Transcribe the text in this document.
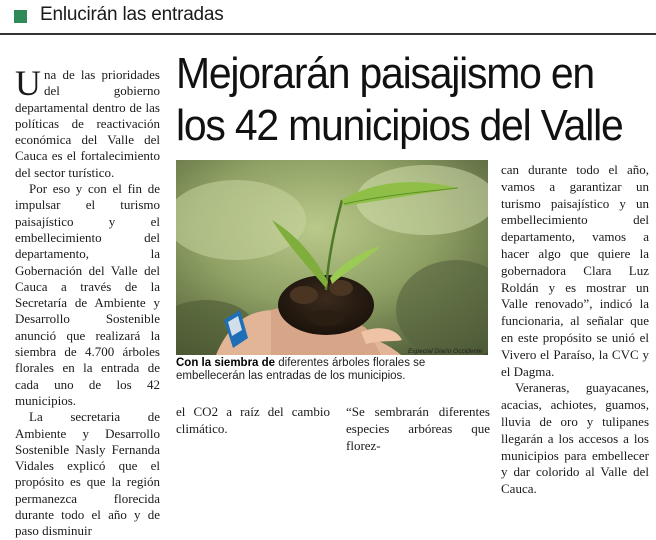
Enlucirán las entradas

Una de las prioridades del gobierno departamental dentro de las políticas de reactivación económica del Valle del Cauca es el fortalecimiento del sector turístico.

Por eso y con el fin de impulsar el turismo paisajístico y el embellecimiento del departamento, la Gobernación del Valle del Cauca a través de la Secretaría de Ambiente y Desarrollo Sostenible anunció que realizará la siembra de 4.700 árboles florales en la entrada de cada uno de los 42 municipios.

La secretaria de Ambiente y Desarrollo Sostenible Nasly Fernanda Vidales explicó que el propósito es que la región permanezca florecida durante todo el año y de paso disminuir

Mejorarán paisajismo en
los 42 municipios del Valle
Especial Diario Occidente
Con la siembra de diferentes árboles florales se embellecerán las entradas de los municipios.

el CO2 a raíz del cambio climático.

“Se sembrarán diferentes especies arbóreas que florez-

can durante todo el año, vamos a garantizar un turismo paisajístico y un embellecimiento del departamento, vamos a hacer algo que quiere la gobernadora Clara Luz Roldán y es mostrar un Valle renovado”, indicó la funcionaria, al señalar que en este propósito se unió el Vivero el Paraíso, la CVC y el Dagma.

Veraneras, guayacanes, acacias, achiotes, guamos, lluvia de oro y tulipanes llegarán a los accesos a los municipios para embellecer y dar colorido al Valle del Cauca.
